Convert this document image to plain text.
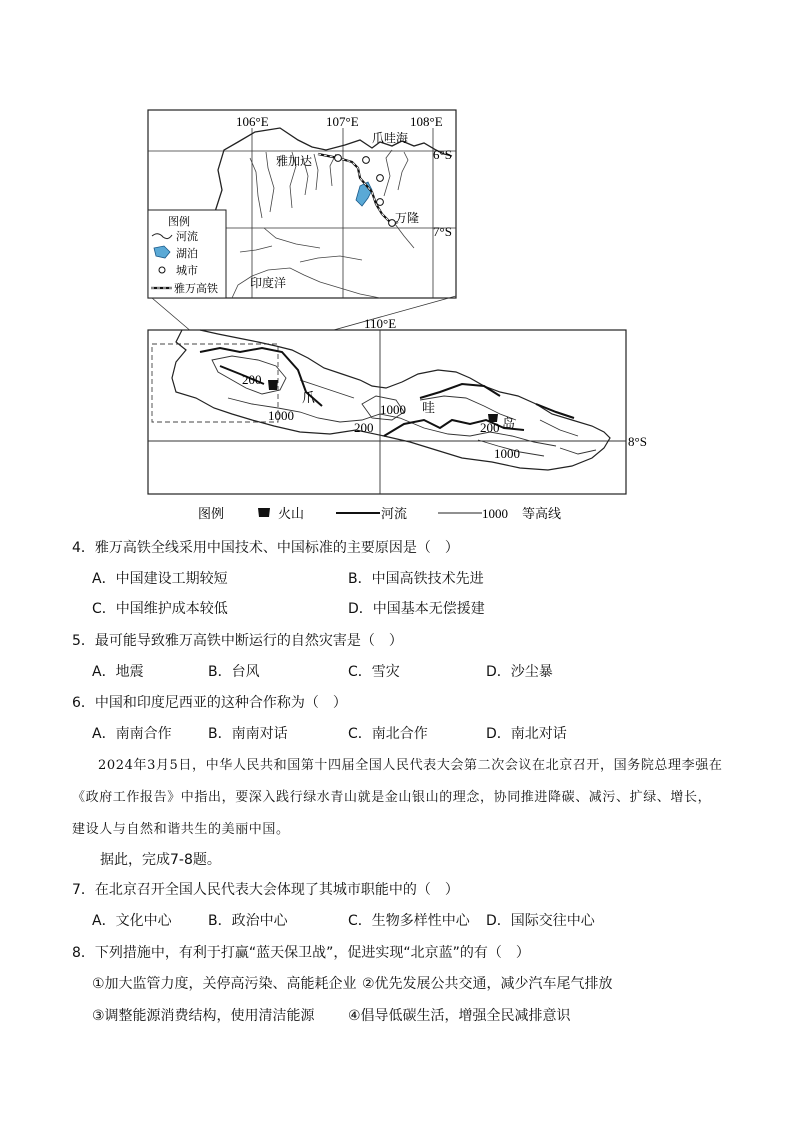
106°E	107°E	108°E
6°S
7°S
爪哇海
雅加达
万隆
印度洋
图例
河流
湖泊
城市
雅万高铁
110°E
8°S
200
1000
200
1000
200
1000
爪
哇
岛
图例	火山	河流	1000 等高线
4．雅万高铁全线采用中国技术、中国标准的主要原因是（　）
A．中国建设工期较短	B．中国高铁技术先进
C．中国维护成本较低	D．中国基本无偿援建
5．最可能导致雅万高铁中断运行的自然灾害是（　）
A．地震	B．台风	C．雪灾	D．沙尘暴
6．中国和印度尼西亚的这种合作称为（　）
A．南南合作	B．南南对话	C．南北合作	D．南北对话
2024年3月5日，中华人民共和国第十四届全国人民代表大会第二次会议在北京召开，国务院总理李强在《政府工作报告》中指出，要深入践行绿水青山就是金山银山的理念，协同推进降碳、减污、扩绿、增长，建设人与自然和谐共生的美丽中国。
据此，完成7-8题。
7．在北京召开全国人民代表大会体现了其城市职能中的（　）
A．文化中心	B．政治中心	C．生物多样性中心 D．国际交往中心
8．下列措施中，有利于打赢“蓝天保卫战”，促进实现“北京蓝”的有（　）
①加大监管力度，关停高污染、高能耗企业 ②优先发展公共交通，减少汽车尾气排放
③调整能源消费结构，使用清洁能源 ④倡导低碳生活，增强全民减排意识
